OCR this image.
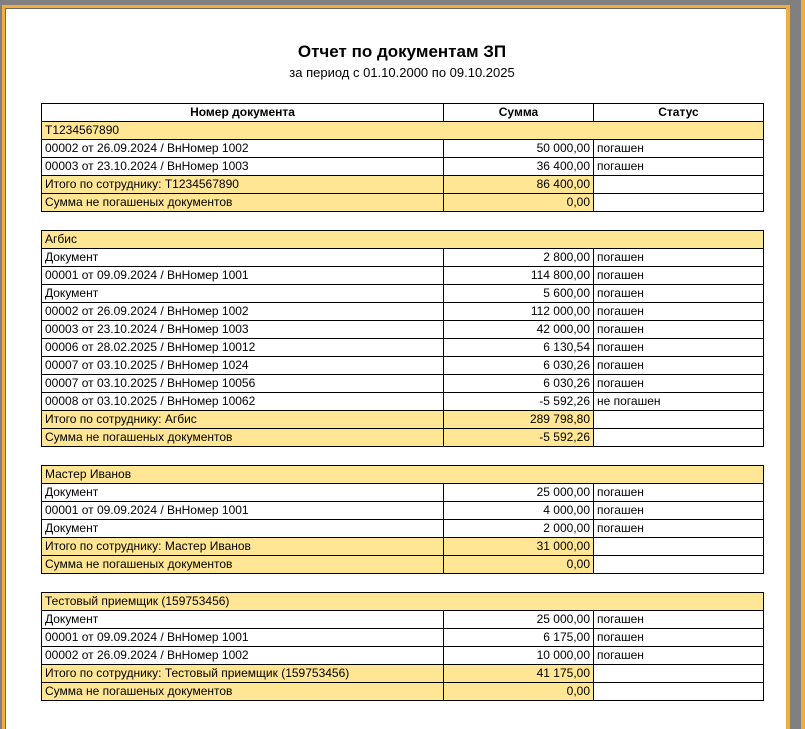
Отчет по документам ЗП
за период с 01.10.2000 по 09.10.2025
Номер документа	Сумма	Статус
Т1234567890		
00002 от 26.09.2024 / ВнНомер 1002	50 000,00	погашен
00003 от 23.10.2024 / ВнНомер 1003	36 400,00	погашен
Итого по сотруднику: Т1234567890	86 400,00	
Сумма не погашеных документов	0,00	
Агбис		
Документ	2 800,00	погашен
00001 от 09.09.2024 / ВнНомер 1001	114 800,00	погашен
Документ	5 600,00	погашен
00002 от 26.09.2024 / ВнНомер 1002	112 000,00	погашен
00003 от 23.10.2024 / ВнНомер 1003	42 000,00	погашен
00006 от 28.02.2025 / ВнНомер 10012	6 130,54	погашен
00007 от 03.10.2025 / ВнНомер 1024	6 030,26	погашен
00007 от 03.10.2025 / ВнНомер 10056	6 030,26	погашен
00008 от 03.10.2025 / ВнНомер 10062	-5 592,26	не погашен
Итого по сотруднику: Агбис	289 798,80	
Сумма не погашеных документов	-5 592,26	
Мастер Иванов		
Документ	25 000,00	погашен
00001 от 09.09.2024 / ВнНомер 1001	4 000,00	погашен
Документ	2 000,00	погашен
Итого по сотруднику: Мастер Иванов	31 000,00	
Сумма не погашеных документов	0,00	
Тестовый приемщик (159753456)		
Документ	25 000,00	погашен
00001 от 09.09.2024 / ВнНомер 1001	6 175,00	погашен
00002 от 26.09.2024 / ВнНомер 1002	10 000,00	погашен
Итого по сотруднику: Тестовый приемщик (159753456)	41 175,00	
Сумма не погашеных документов	0,00	
